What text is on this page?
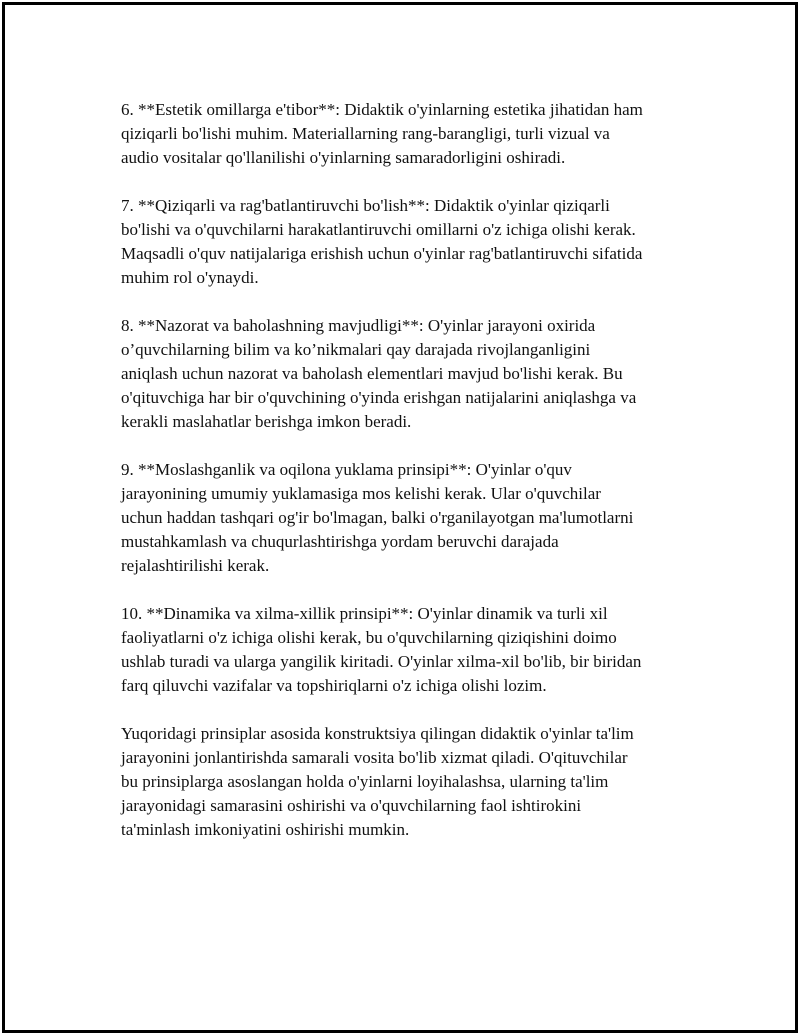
6. **Estetik omillarga e'tibor**: Didaktik o'yinlarning estetika jihatidan ham
qiziqarli bo'lishi muhim. Materiallarning rang-barangligi, turli vizual va
audio vositalar qo'llanilishi o'yinlarning samaradorligini oshiradi.

7. **Qiziqarli va rag'batlantiruvchi bo'lish**: Didaktik o'yinlar qiziqarli
bo'lishi va o'quvchilarni harakatlantiruvchi omillarni o'z ichiga olishi kerak.
Maqsadli o'quv natijalariga erishish uchun o'yinlar rag'batlantiruvchi sifatida
muhim rol o'ynaydi.

8. **Nazorat va baholashning mavjudligi**: O'yinlar jarayoni oxirida
o’quvchilarning bilim va ko’nikmalari qay darajada rivojlanganligini
aniqlash uchun nazorat va baholash elementlari mavjud bo'lishi kerak. Bu
o'qituvchiga har bir o'quvchining o'yinda erishgan natijalarini aniqlashga va
kerakli maslahatlar berishga imkon beradi.

9. **Moslashganlik va oqilona yuklama prinsipi**: O'yinlar o'quv
jarayonining umumiy yuklamasiga mos kelishi kerak. Ular o'quvchilar
uchun haddan tashqari og'ir bo'lmagan, balki o'rganilayotgan ma'lumotlarni
mustahkamlash va chuqurlashtirishga yordam beruvchi darajada
rejalashtirilishi kerak.

10. **Dinamika va xilma-xillik prinsipi**: O'yinlar dinamik va turli xil
faoliyatlarni o'z ichiga olishi kerak, bu o'quvchilarning qiziqishini doimo
ushlab turadi va ularga yangilik kiritadi. O'yinlar xilma-xil bo'lib, bir biridan
farq qiluvchi vazifalar va topshiriqlarni o'z ichiga olishi lozim.

Yuqoridagi prinsiplar asosida konstruktsiya qilingan didaktik o'yinlar ta'lim
jarayonini jonlantirishda samarali vosita bo'lib xizmat qiladi. O'qituvchilar
bu prinsiplarga asoslangan holda o'yinlarni loyihalashsa, ularning ta'lim
jarayonidagi samarasini oshirishi va o'quvchilarning faol ishtirokini
ta'minlash imkoniyatini oshirishi mumkin.
